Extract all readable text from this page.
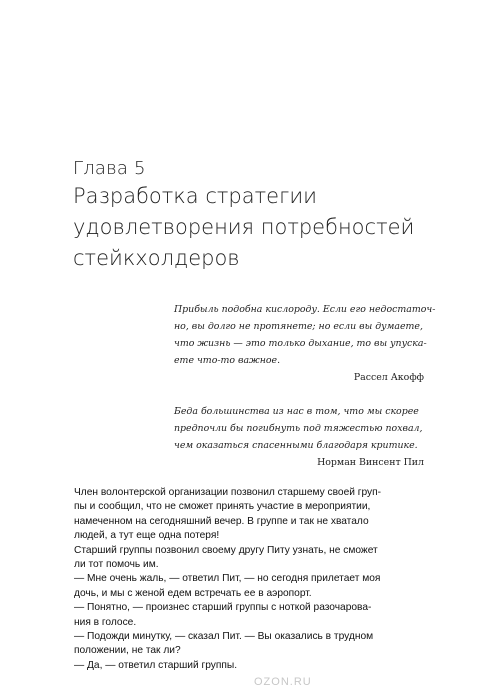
Глава 5
Разработка стратегии
удовлетворения потребностей
стейкхолдеров
Прибыль подобна кислороду. Если его недостаточ-
но, вы долго не протянете; но если вы думаете,
что жизнь — это только дыхание, то вы упуска-
ете что-то важное.
Рассел Акофф
Беда большинства из нас в том, что мы скорее
предпочли бы погибнуть под тяжестью похвал,
чем оказаться спасенными благодаря критике.
Норман Винсент Пил
Член волонтерской организации позвонил старшему своей груп-
пы и сообщил, что не сможет принять участие в мероприятии,
намеченном на сегодняшний вечер. В группе и так не хватало
людей, а тут еще одна потеря!
Старший группы позвонил своему другу Питу узнать, не сможет
ли тот помочь им.
— Мне очень жаль, — ответил Пит, — но сегодня прилетает моя
дочь, и мы с женой едем встречать ее в аэропорт.
— Понятно, — произнес старший группы с ноткой разочарова-
ния в голосе.
— Подожди минутку, — сказал Пит. — Вы оказались в трудном
положении, не так ли?
— Да, — ответил старший группы.
OZON.RU
